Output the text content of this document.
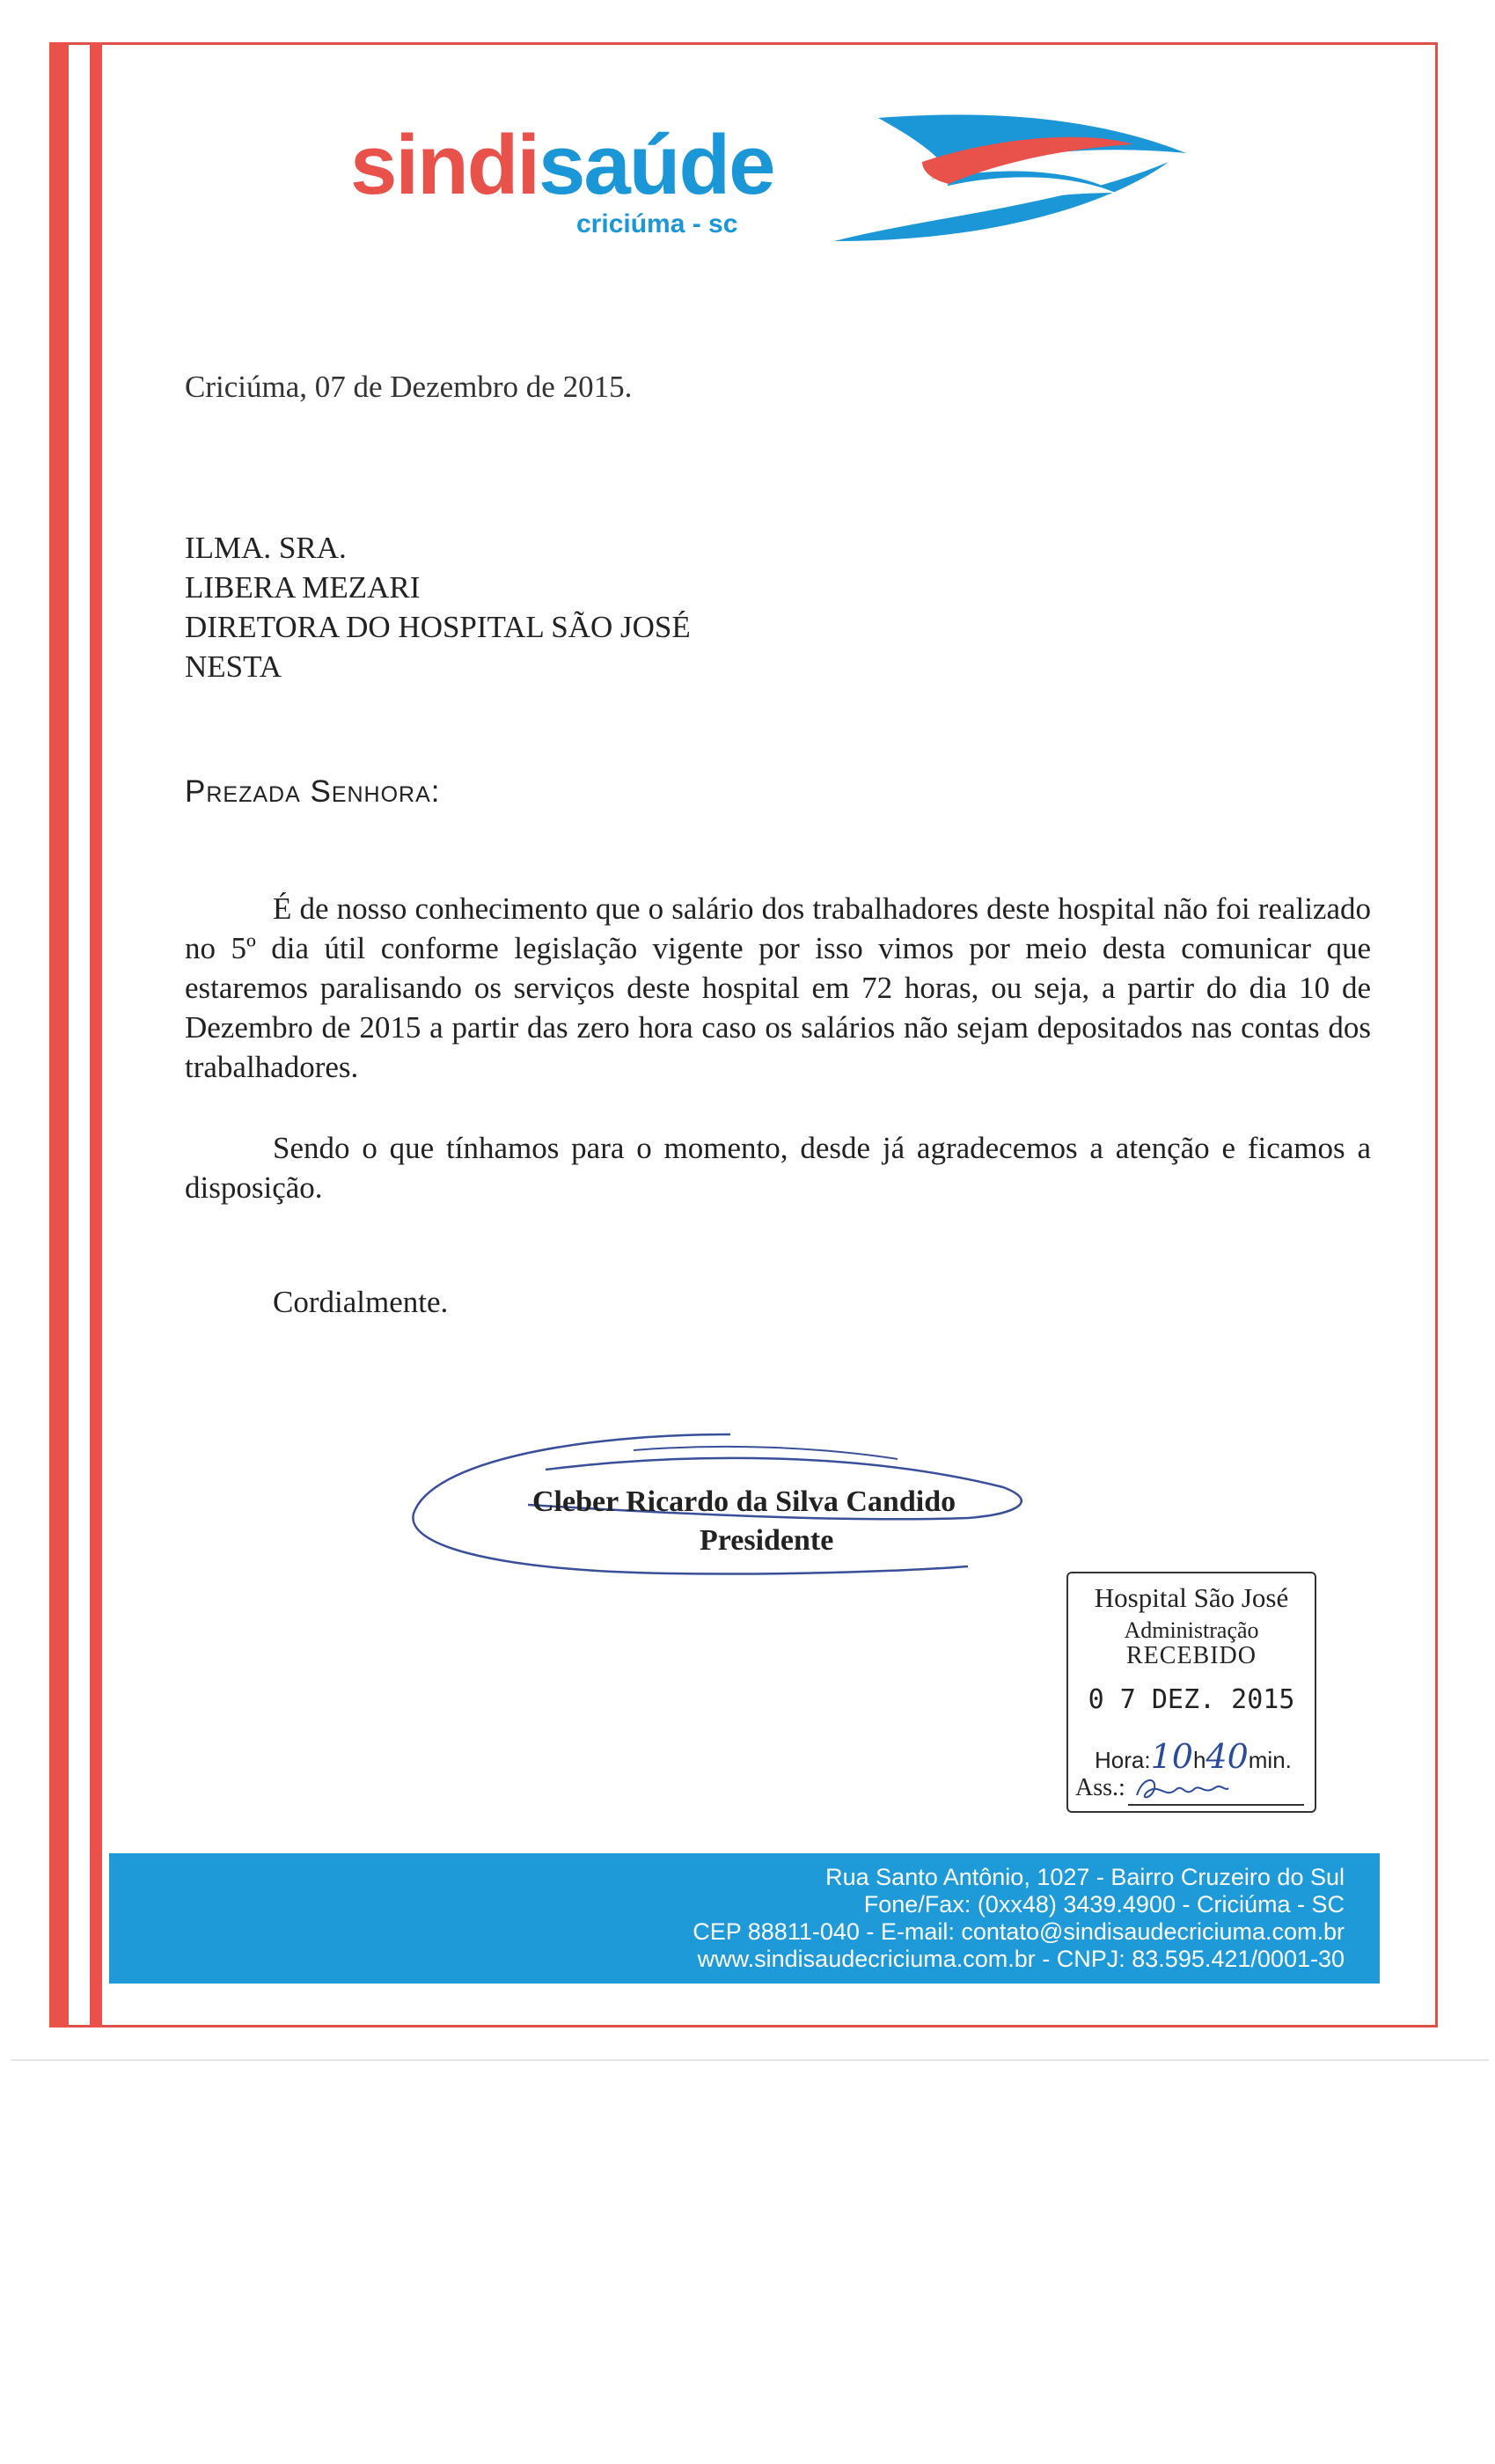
sindisaúde
criciúma - sc
Criciúma, 07 de Dezembro de 2015.
ILMA. SRA.
LIBERA MEZARI
DIRETORA DO HOSPITAL SÃO JOSÉ
NESTA
Prezada Senhora:
É de nosso conhecimento que o salário dos trabalhadores deste hospital não foi realizado no 5º dia útil conforme legislação vigente por isso vimos por meio desta comunicar que estaremos paralisando os serviços deste hospital em 72 horas, ou seja, a partir do dia 10 de Dezembro de 2015 a partir das zero hora caso os salários não sejam depositados nas contas dos trabalhadores.
Sendo o que tínhamos para o momento, desde já agradecemos a atenção e ficamos a disposição.
Cordialmente.
Cleber Ricardo da Silva Candido
Presidente
Hospital São José
Administração
RECEBIDO
0 7 DEZ. 2015
Hora:10h40min.
Ass.:
Rua Santo Antônio, 1027 - Bairro Cruzeiro do Sul
Fone/Fax: (0xx48) 3439.4900 - Criciúma - SC
CEP 88811-040 - E-mail: contato@sindisaudecriciuma.com.br
www.sindisaudecriciuma.com.br - CNPJ: 83.595.421/0001-30
